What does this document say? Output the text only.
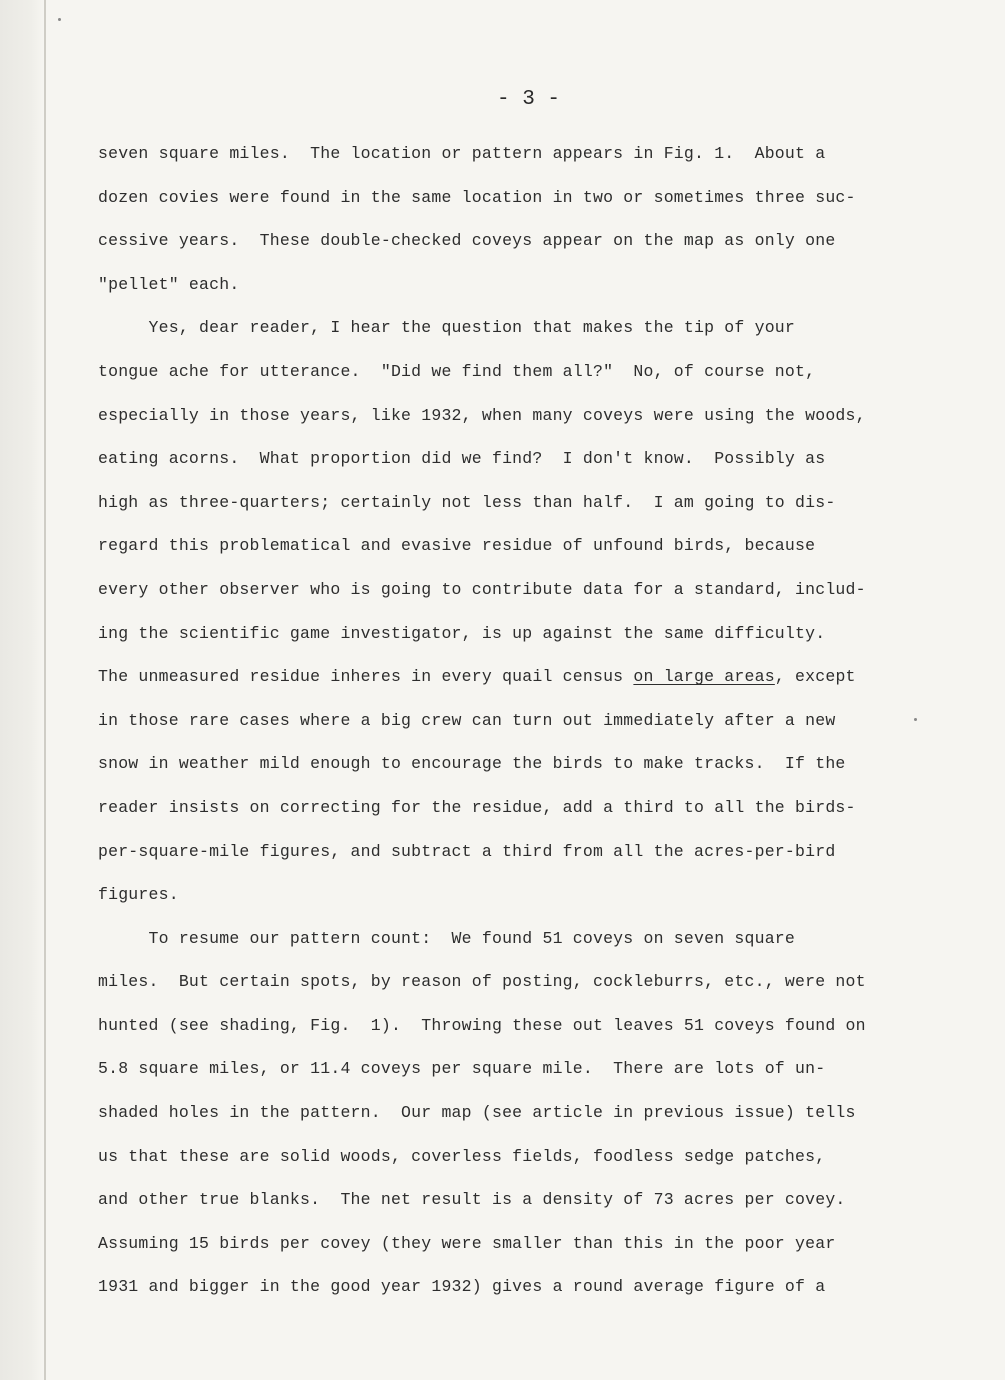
- 3 -
seven square miles.  The location or pattern appears in Fig. 1.  About a
dozen covies were found in the same location in two or sometimes three suc-
cessive years.  These double-checked coveys appear on the map as only one
"pellet" each.
Yes, dear reader, I hear the question that makes the tip of your
tongue ache for utterance.  "Did we find them all?"  No, of course not,
especially in those years, like 1932, when many coveys were using the woods,
eating acorns.  What proportion did we find?  I don't know.  Possibly as
high as three-quarters; certainly not less than half.  I am going to dis-
regard this problematical and evasive residue of unfound birds, because
every other observer who is going to contribute data for a standard, includ-
ing the scientific game investigator, is up against the same difficulty.
The unmeasured residue inheres in every quail census on large areas, except
in those rare cases where a big crew can turn out immediately after a new
snow in weather mild enough to encourage the birds to make tracks.  If the
reader insists on correcting for the residue, add a third to all the birds-
per-square-mile figures, and subtract a third from all the acres-per-bird
figures.
To resume our pattern count:  We found 51 coveys on seven square
miles.  But certain spots, by reason of posting, cockleburrs, etc., were not
hunted (see shading, Fig.  1).  Throwing these out leaves 51 coveys found on
5.8 square miles, or 11.4 coveys per square mile.  There are lots of un-
shaded holes in the pattern.  Our map (see article in previous issue) tells
us that these are solid woods, coverless fields, foodless sedge patches,
and other true blanks.  The net result is a density of 73 acres per covey.
Assuming 15 birds per covey (they were smaller than this in the poor year
1931 and bigger in the good year 1932) gives a round average figure of a
